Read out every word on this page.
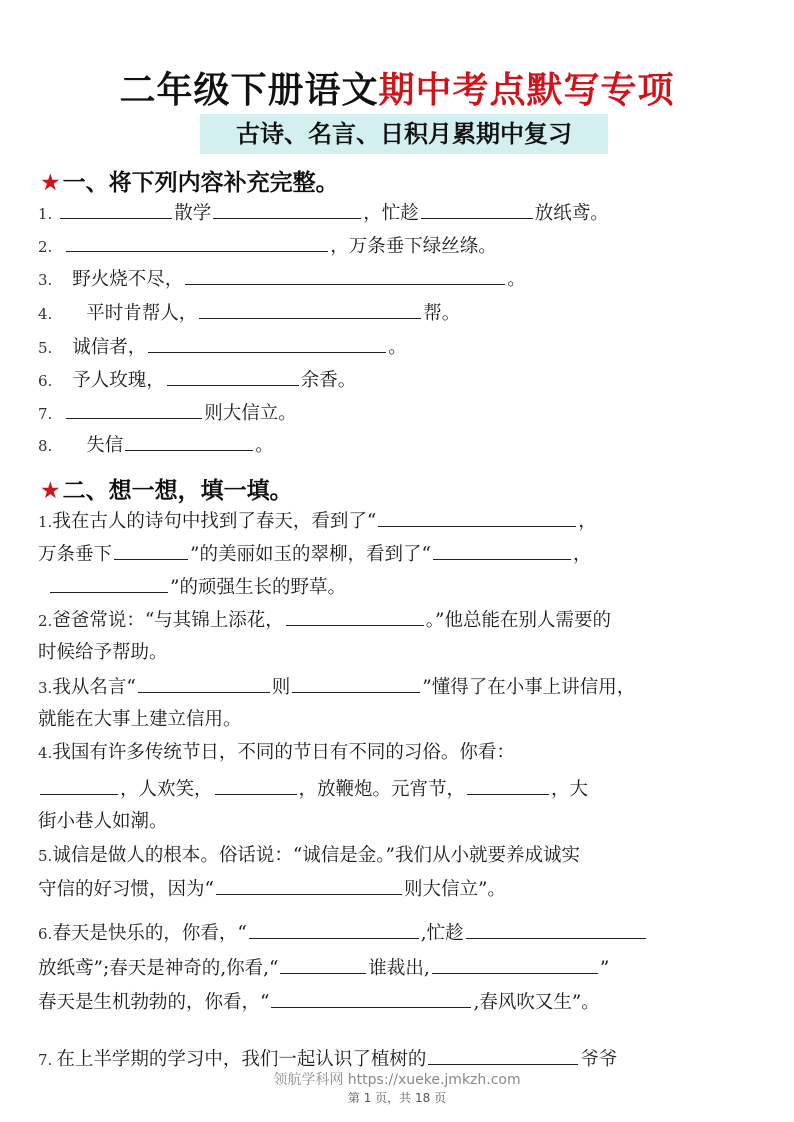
二年级下册语文期中考点默写专项
古诗、名言、日积月累期中复习
★一、将下列内容补充完整。
1.	散学	，忙趁	放纸鸢。
2.	，万条垂下绿丝绦。
3. 野火烧不尽，	。
4. 平时肯帮人，	帮。
5. 诚信者，	。
6. 予人玫瑰，	余香。
7.	则大信立。
8. 失信	。
★二、想一想，填一填。
1.我在古人的诗句中找到了春天，看到了“	，
万条垂下	”的美丽如玉的翠柳，看到了“	，
”的顽强生长的野草。
2.爸爸常说：“与其锦上添花，	。”他总能在别人需要的
时候给予帮助。
3.我从名言“	则	”懂得了在小事上讲信用，
就能在大事上建立信用。
4.我国有许多传统节日，不同的节日有不同的习俗。你看：
，人欢笑，	，放鞭炮。元宵节，	，大
街小巷人如潮。
5.诚信是做人的根本。俗话说：“诚信是金。”我们从小就要养成诚实
守信的好习惯，因为“	则大信立”。
6.春天是快乐的，你看，“	,忙趁
放纸鸢”;春天是神奇的,你看,“	谁裁出,	”
春天是生机勃勃的，你看，“	,春风吹又生”。
7. 在上半学期的学习中，我们一起认识了植树的	爷爷
领航学科网 https://xueke.jmkzh.com
第 1 页，共 18 页
